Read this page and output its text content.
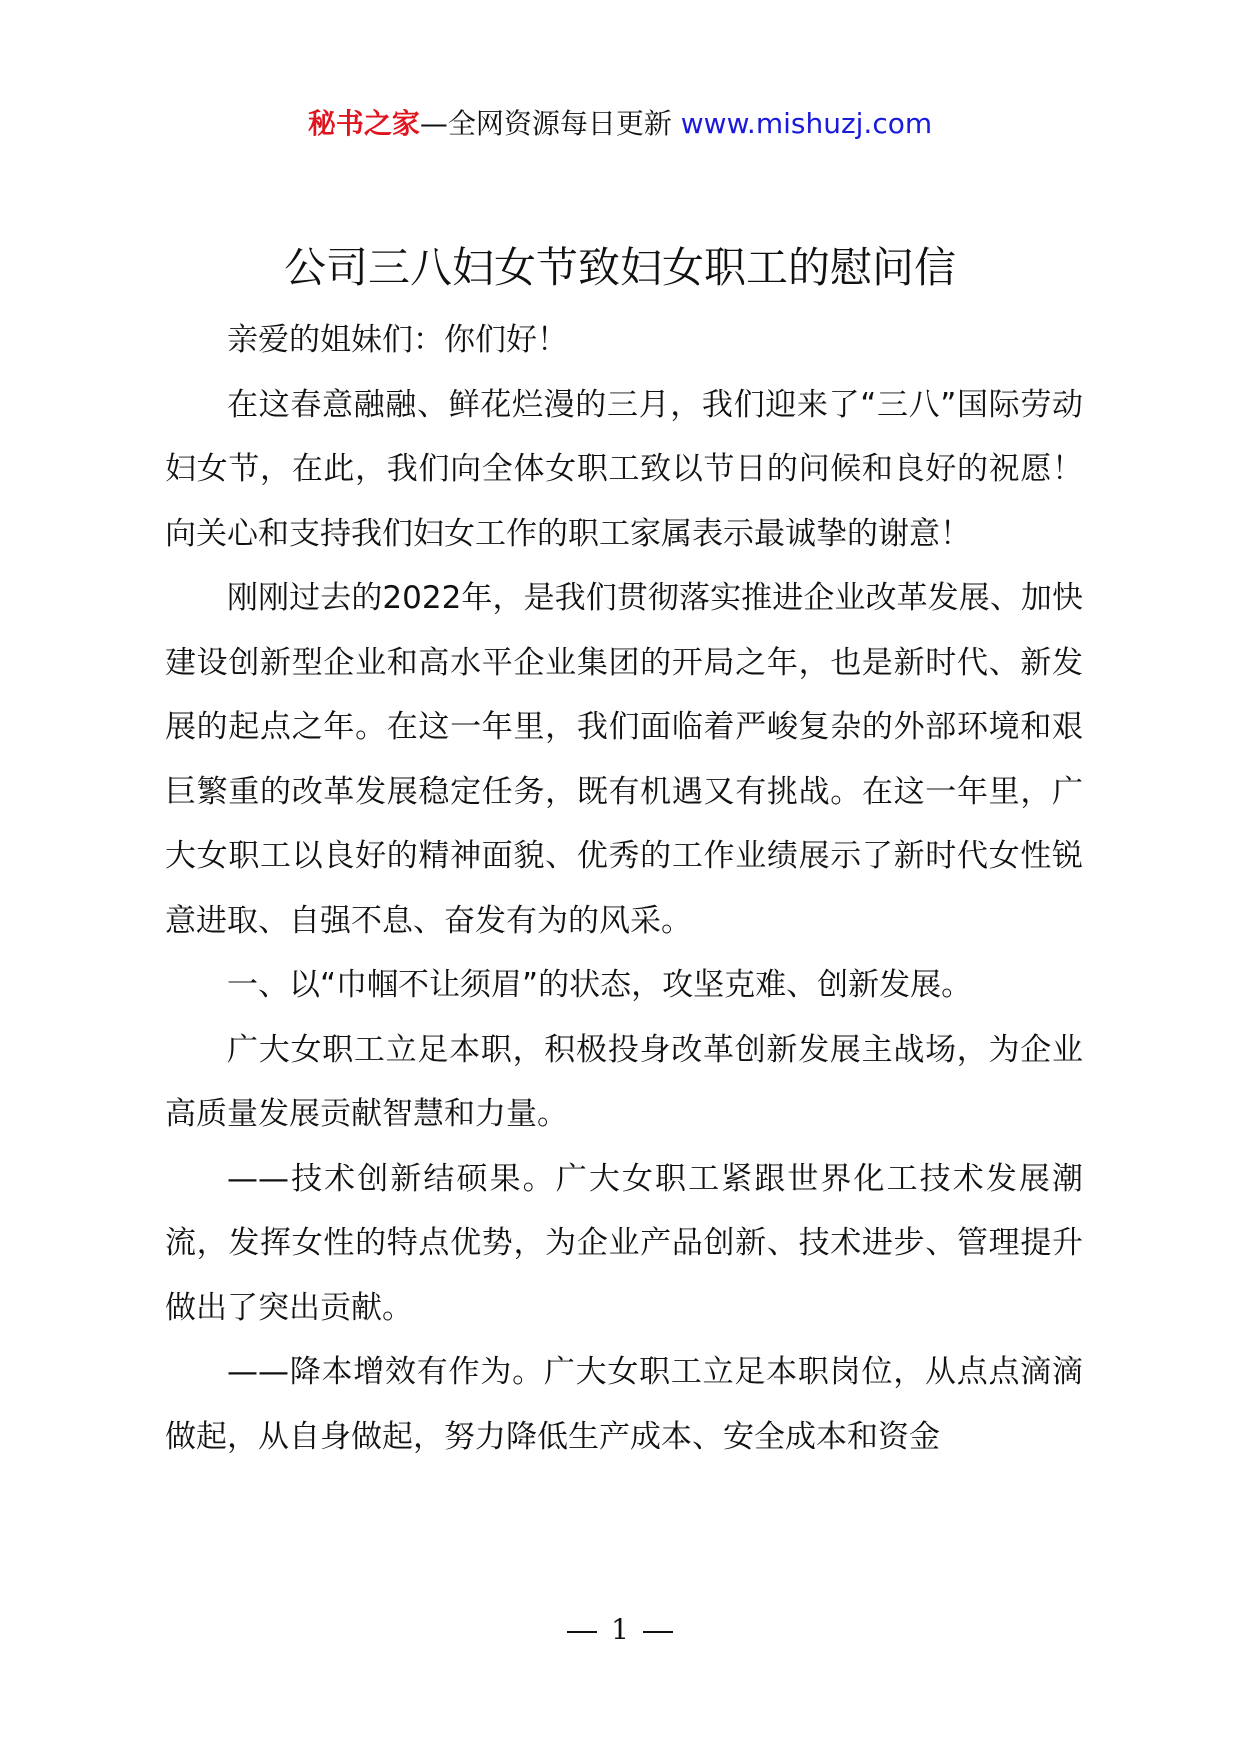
秘书之家—全网资源每日更新 www.mishuzj.com
公司三八妇女节致妇女职工的慰问信

亲爱的姐妹们：你们好！

在这春意融融、鲜花烂漫的三月，我们迎来了“三八”国际劳动妇女节，在此，我们向全体女职工致以节日的问候和良好的祝愿！向关心和支持我们妇女工作的职工家属表示最诚挚的谢意！

刚刚过去的2022年，是我们贯彻落实推进企业改革发展、加快建设创新型企业和高水平企业集团的开局之年，也是新时代、新发展的起点之年。在这一年里，我们面临着严峻复杂的外部环境和艰巨繁重的改革发展稳定任务，既有机遇又有挑战。在这一年里，广大女职工以良好的精神面貌、优秀的工作业绩展示了新时代女性锐意进取、自强不息、奋发有为的风采。

一、以“巾帼不让须眉”的状态，攻坚克难、创新发展。

广大女职工立足本职，积极投身改革创新发展主战场，为企业高质量发展贡献智慧和力量。

——技术创新结硕果。广大女职工紧跟世界化工技术发展潮流，发挥女性的特点优势，为企业产品创新、技术进步、管理提升做出了突出贡献。

——降本增效有作为。广大女职工立足本职岗位，从点点滴滴做起，从自身做起，努力降低生产成本、安全成本和资金

1
